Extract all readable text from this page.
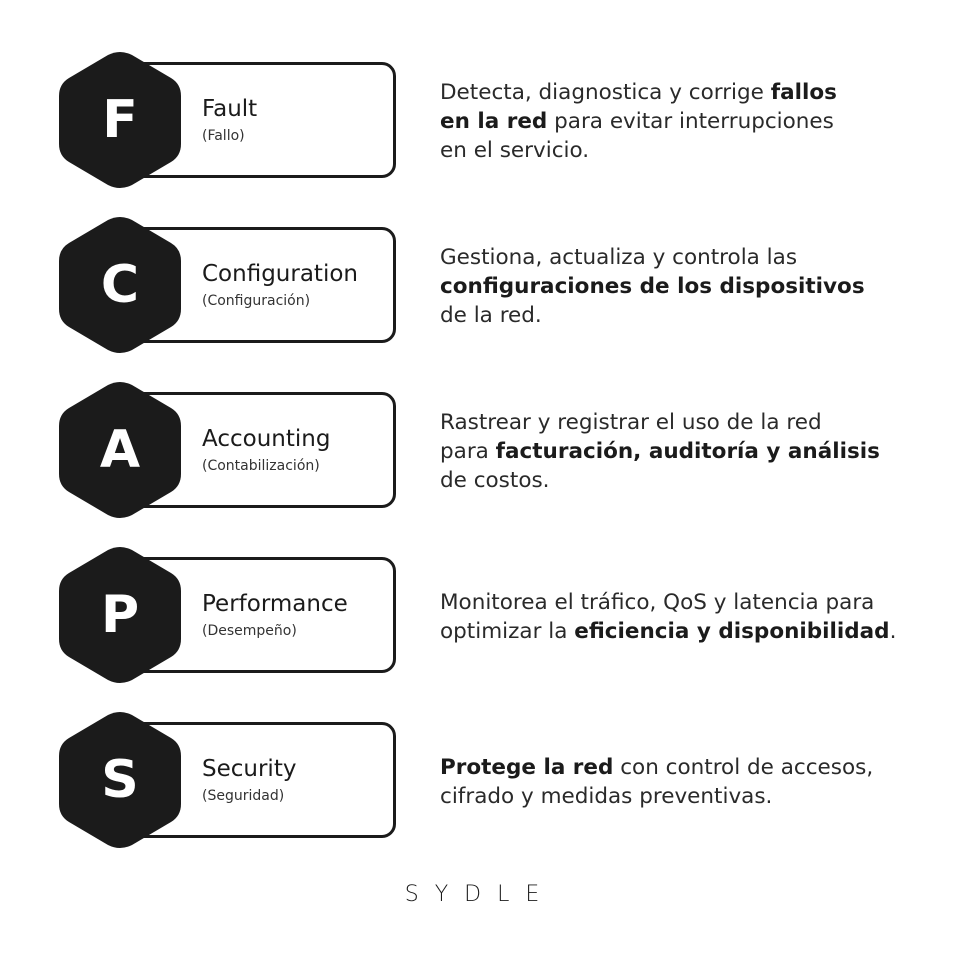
F	Fault
(Fallo)
Detecta, diagnostica y corrige fallos
en la red para evitar interrupciones
en el servicio.
C	Configuration
(Configuración)
Gestiona, actualiza y controla las
configuraciones de los dispositivos
de la red.
A	Accounting
(Contabilización)
Rastrear y registrar el uso de la red
para facturación, auditoría y análisis
de costos.
P	Performance
(Desempeño)
Monitorea el tráfico, QoS y latencia para
optimizar la eficiencia y disponibilidad.
S	Security
(Seguridad)
Protege la red con control de accesos,
cifrado y medidas preventivas.
SYDLE
